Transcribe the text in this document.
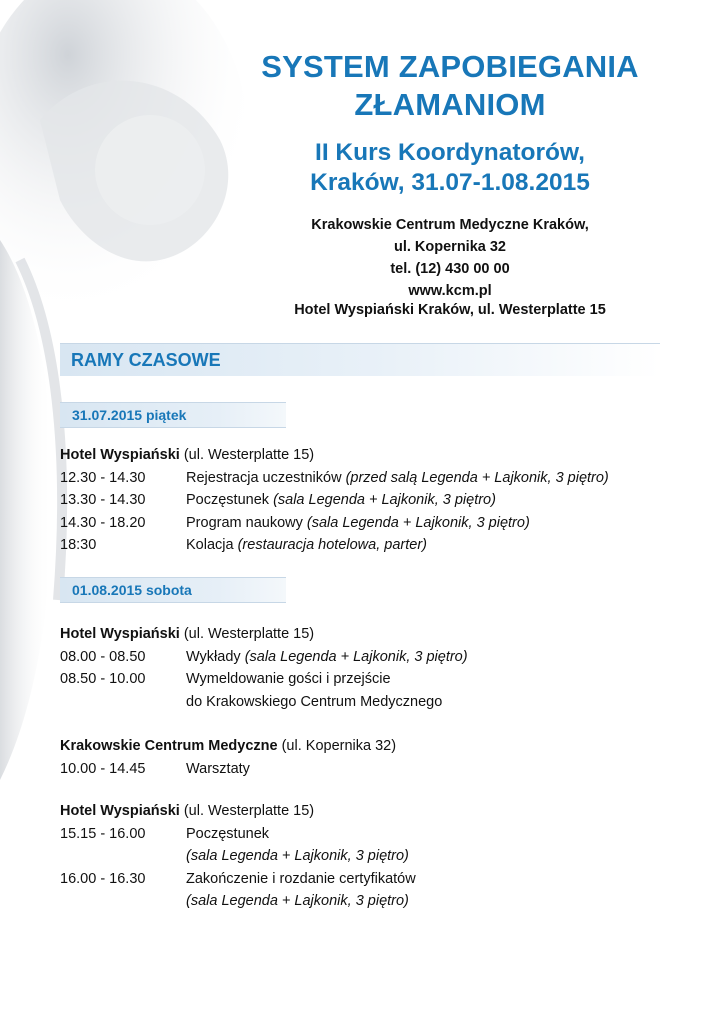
SYSTEM ZAPOBIEGANIA
ZŁAMANIOM
II Kurs Koordynatorów,
Kraków, 31.07-1.08.2015
Krakowskie Centrum Medyczne Kraków,
ul. Kopernika 32
tel. (12) 430 00 00
www.kcm.pl
Hotel Wyspiański Kraków, ul. Westerplatte 15
RAMY CZASOWE
31.07.2015 piątek
Hotel Wyspiański (ul. Westerplatte 15)
12.30 - 14.30	Rejestracja uczestników (przed salą Legenda + Lajkonik, 3 piętro)
13.30 - 14.30	Poczęstunek (sala Legenda + Lajkonik, 3 piętro)
14.30 - 18.20	Program naukowy (sala Legenda + Lajkonik, 3 piętro)
18:30	Kolacja (restauracja hotelowa, parter)
01.08.2015 sobota
Hotel Wyspiański (ul. Westerplatte 15)
08.00 - 08.50	Wykłady (sala Legenda + Lajkonik, 3 piętro)
08.50 - 10.00	Wymeldowanie gości i przejście
do Krakowskiego Centrum Medycznego
Krakowskie Centrum Medyczne (ul. Kopernika 32)
10.00 - 14.45	Warsztaty
Hotel Wyspiański (ul. Westerplatte 15)
15.15 - 16.00	Poczęstunek
(sala Legenda + Lajkonik, 3 piętro)
16.00 - 16.30	Zakończenie i rozdanie certyfikatów
(sala Legenda + Lajkonik, 3 piętro)
